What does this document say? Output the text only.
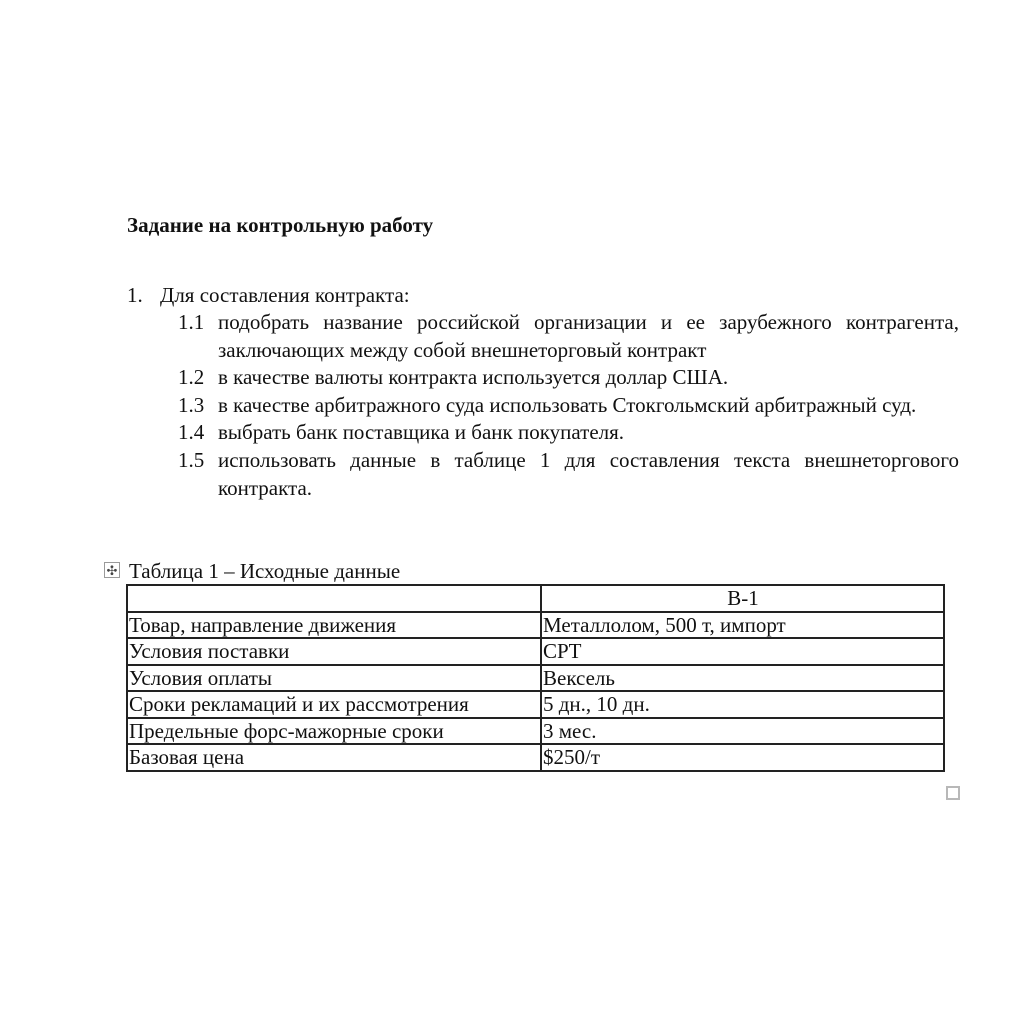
Задание на контрольную работу
1. Для составления контракта:
1.1 подобрать название российской организации и ее зарубежного контрагента, заключающих между собой внешнеторговый контракт
1.2 в качестве валюты контракта используется доллар США.
1.3 в качестве арбитражного суда использовать Стокгольмский арбитражный суд.
1.4 выбрать банк поставщика и банк покупателя.
1.5 использовать данные в таблице 1 для составления текста внешнеторгового контракта.
✣ Таблица 1 – Исходные данные
	В-1
Товар, направление движения	Металлолом, 500 т, импорт
Условия поставки	CPT
Условия оплаты	Вексель
Сроки рекламаций и их рассмотрения	5 дн., 10 дн.
Предельные форс-мажорные сроки	3 мес.
Базовая цена	$250/т
